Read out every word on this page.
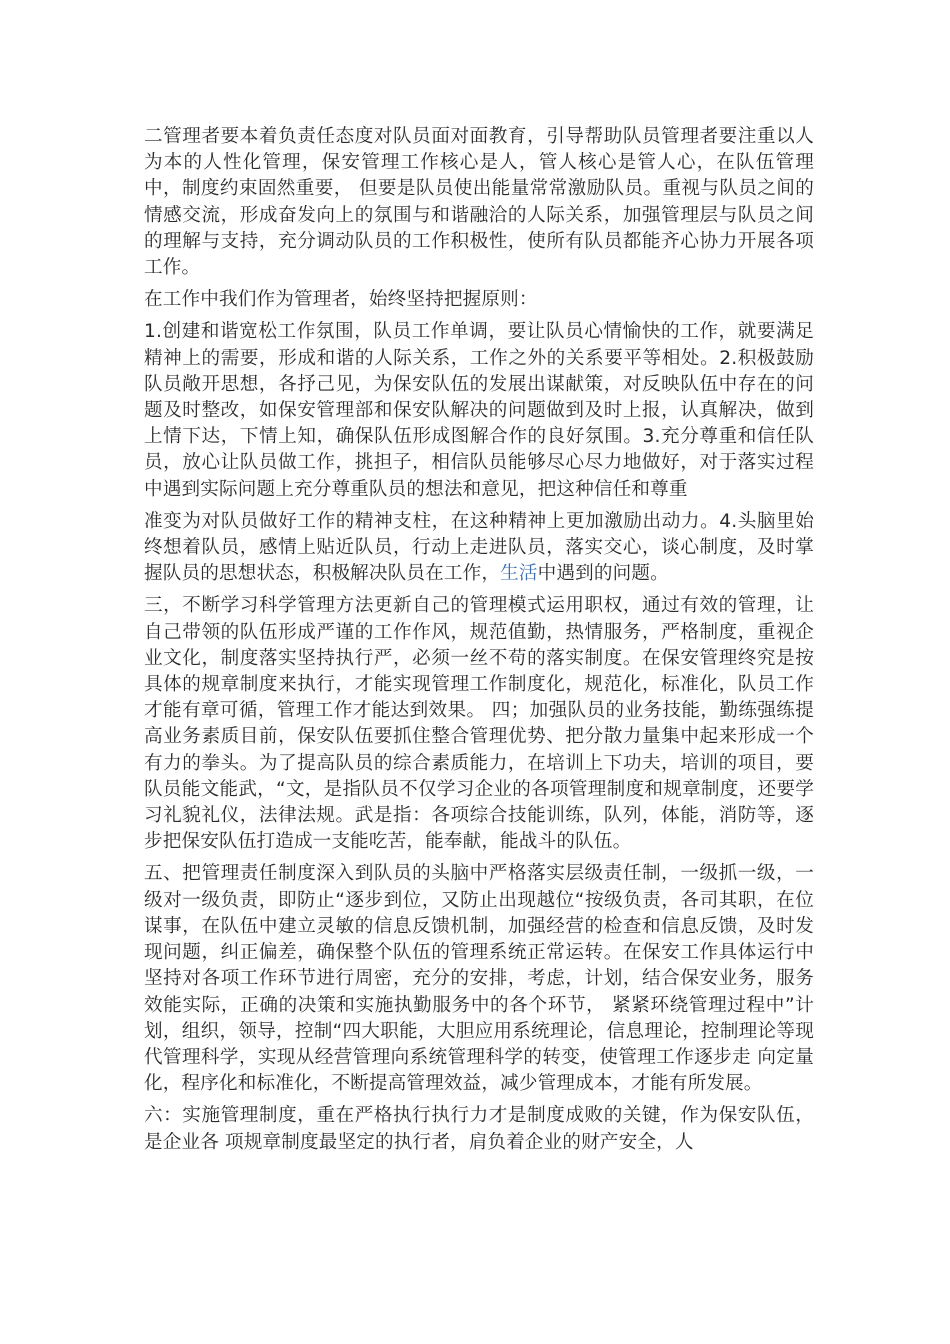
二管理者要本着负责任态度对队员面对面教育，引导帮助队员管理者要注重以人为本的人性化管理，保安管理工作核心是人，管人核心是管人心，在队伍管理中，制度约束固然重要， 但要是队员使出能量常常激励队员。重视与队员之间的情感交流，形成奋发向上的氛围与和谐融洽的人际关系，加强管理层与队员之间的理解与支持，充分调动队员的工作积极性，使所有队员都能齐心协力开展各项工作。

在工作中我们作为管理者，始终坚持把握原则：

1.创建和谐宽松工作氛围，队员工作单调，要让队员心情愉快的工作，就要满足精神上的需要，形成和谐的人际关系，工作之外的关系要平等相处。2.积极鼓励队员敞开思想，各抒己见，为保安队伍的发展出谋献策，对反映队伍中存在的问题及时整改，如保安管理部和保安队解决的问题做到及时上报，认真解决，做到上情下达，下情上知，确保队伍形成图解合作的良好氛围。3.充分尊重和信任队员，放心让队员做工作，挑担子，相信队员能够尽心尽力地做好，对于落实过程中遇到实际问题上充分尊重队员的想法和意见，把这种信任和尊重

准变为对队员做好工作的精神支柱，在这种精神上更加激励出动力。4.头脑里始终想着队员，感情上贴近队员，行动上走进队员，落实交心，谈心制度，及时掌握队员的思想状态，积极解决队员在工作，生活中遇到的问题。

三，不断学习科学管理方法更新自己的管理模式运用职权，通过有效的管理，让自己带领的队伍形成严谨的工作作风，规范值勤，热情服务，严格制度，重视企业文化，制度落实坚持执行严，必须一丝不苟的落实制度。在保安管理终究是按具体的规章制度来执行，才能实现管理工作制度化，规范化，标准化，队员工作才能有章可循，管理工作才能达到效果。 四；加强队员的业务技能，勤练强练提高业务素质目前，保安队伍要抓住整合管理优势、把分散力量集中起来形成一个有力的拳头。为了提高队员的综合素质能力，在培训上下功夫，培训的项目，要队员能文能武，“文，是指队员不仅学习企业的各项管理制度和规章制度，还要学习礼貌礼仪，法律法规。武是指：各项综合技能训练，队列，体能，消防等，逐步把保安队伍打造成一支能吃苦，能奉献，能战斗的队伍。

五、把管理责任制度深入到队员的头脑中严格落实层级责任制，一级抓一级，一级对一级负责，即防止“逐步到位，又防止出现越位“按级负责，各司其职，在位谋事，在队伍中建立灵敏的信息反馈机制，加强经营的检查和信息反馈，及时发现问题，纠正偏差，确保整个队伍的管理系统正常运转。在保安工作具体运行中坚持对各项工作环节进行周密，充分的安排，考虑，计划，结合保安业务，服务效能实际，正确的决策和实施执勤服务中的各个环节， 紧紧环绕管理过程中”计划，组织，领导，控制“四大职能，大胆应用系统理论，信息理论，控制理论等现代管理科学，实现从经营管理向系统管理科学的转变，使管理工作逐步走 向定量化，程序化和标准化，不断提高管理效益，减少管理成本，才能有所发展。

六：实施管理制度，重在严格执行执行力才是制度成败的关键，作为保安队伍，是企业各 项规章制度最坚定的执行者，肩负着企业的财产安全，人
